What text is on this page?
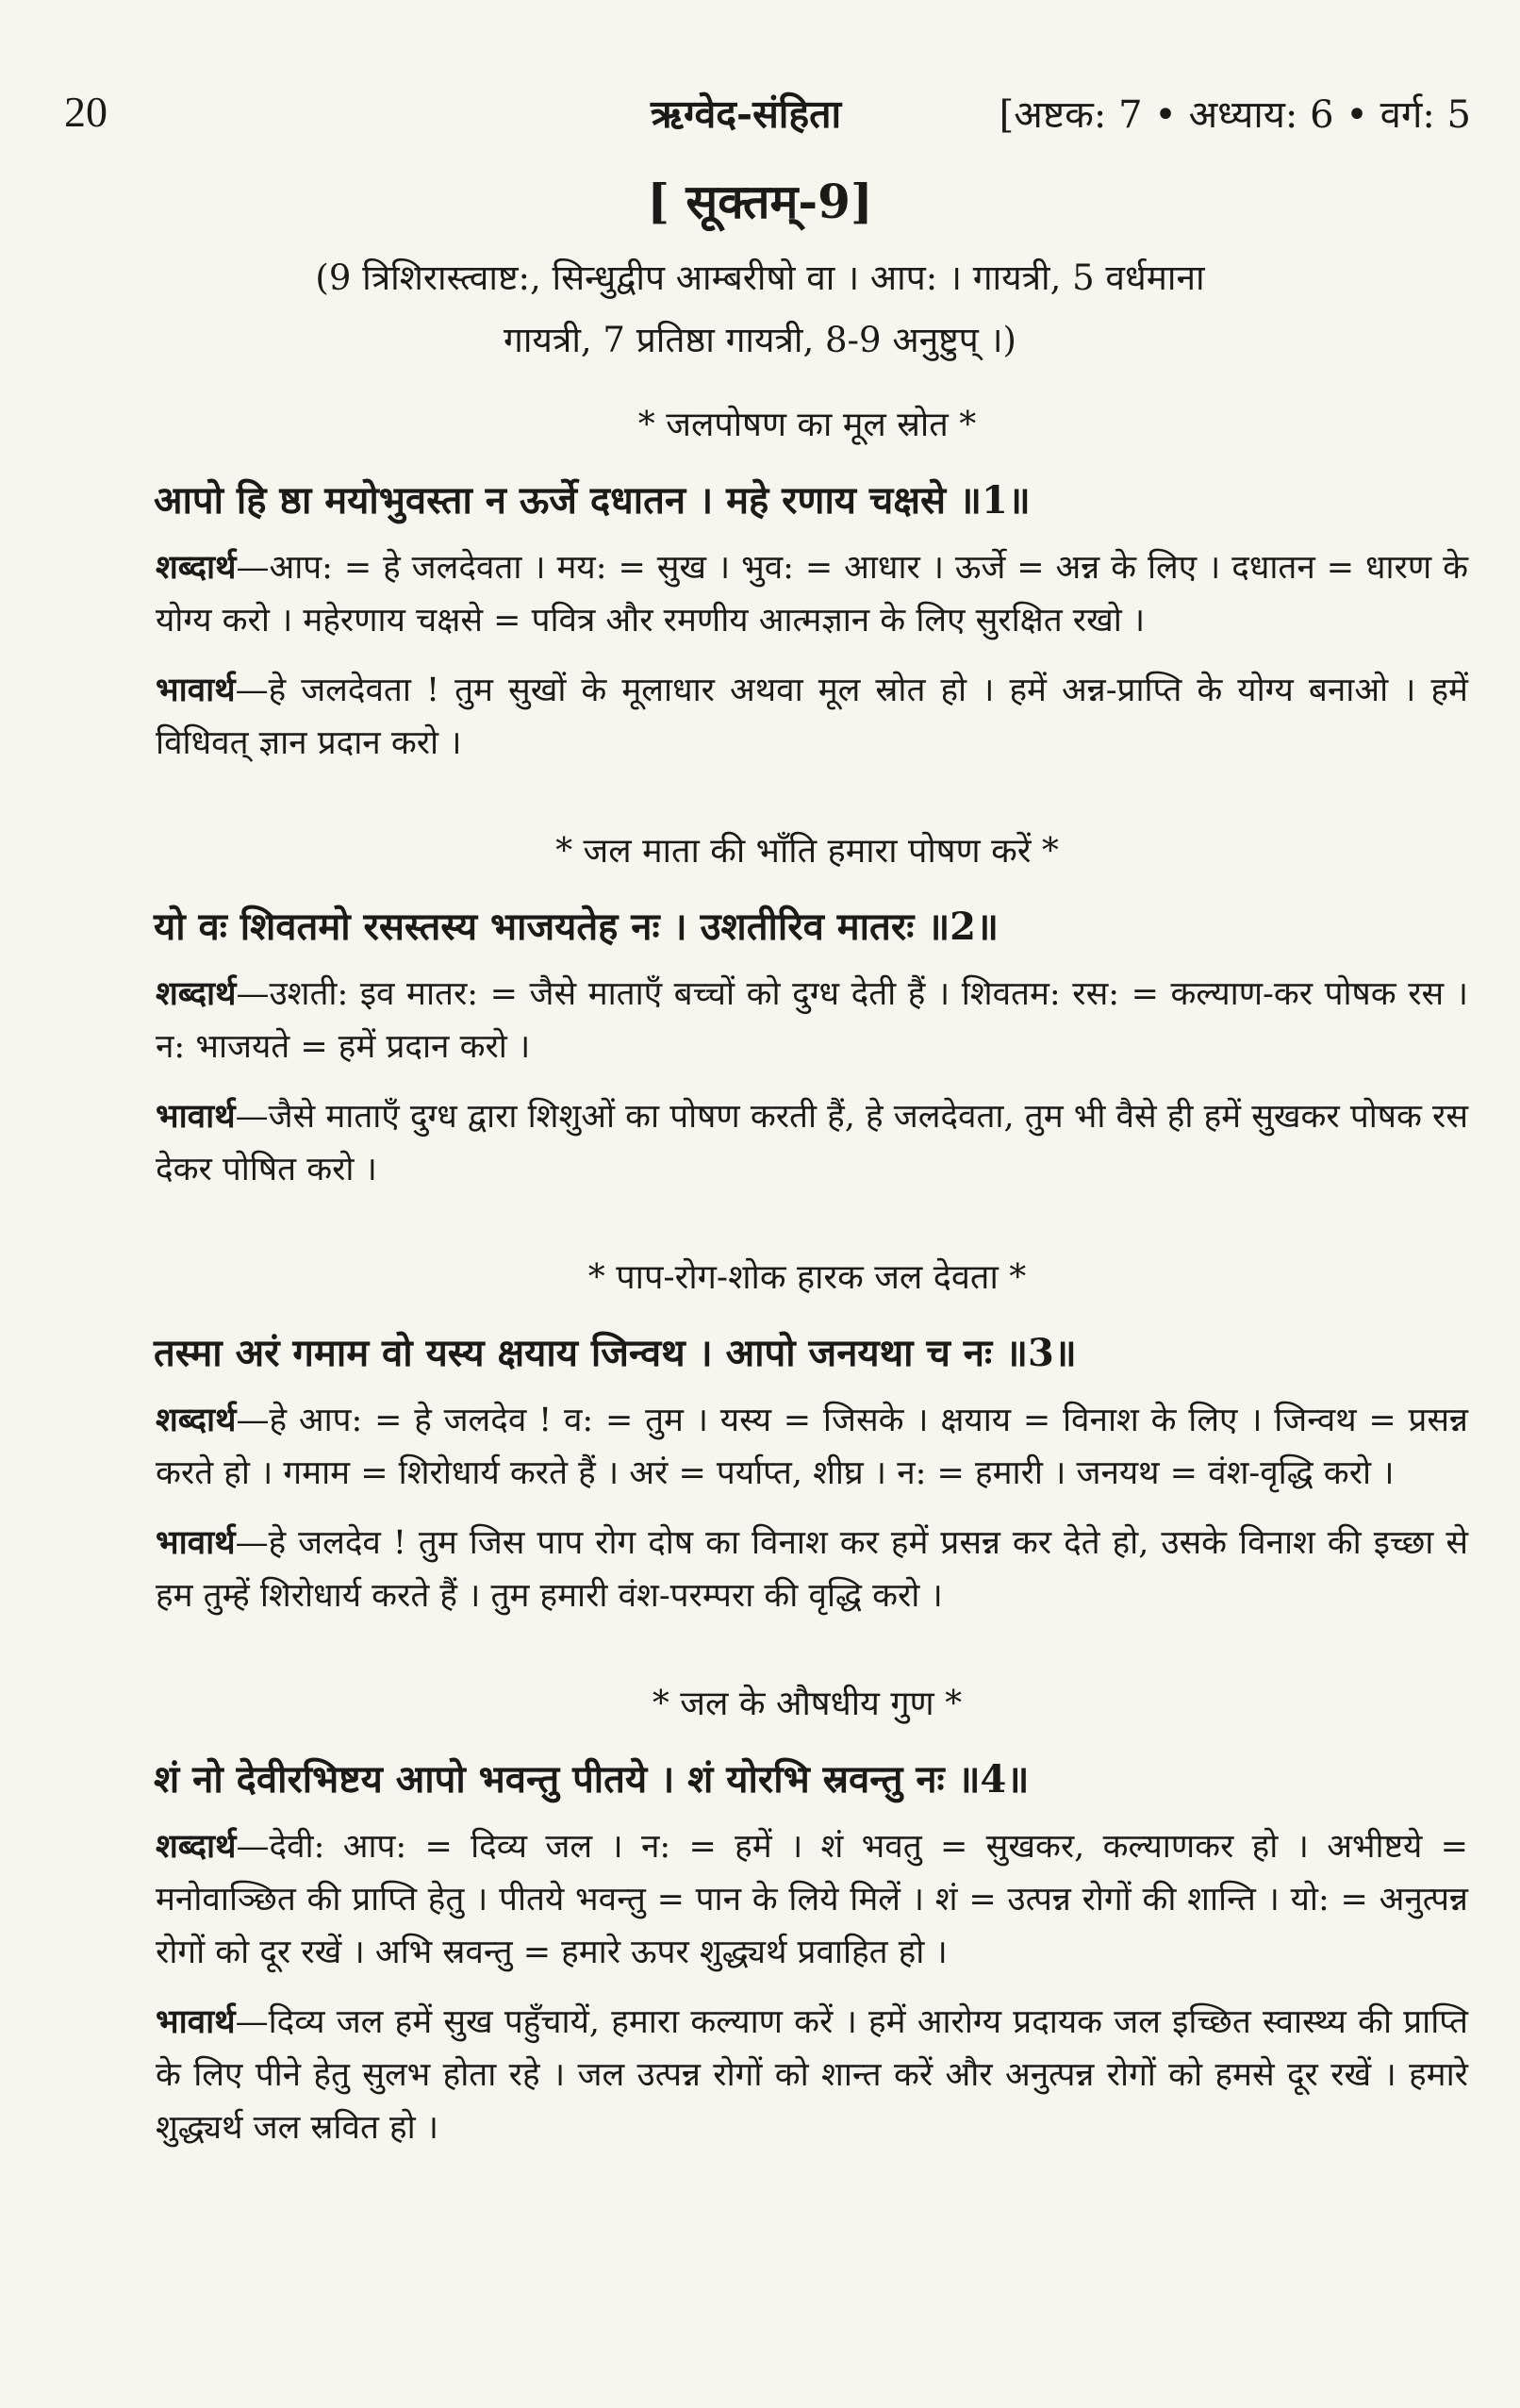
20	ऋग्वेद-संहिता	[अष्टक: 7 • अध्याय: 6 • वर्ग: 5
[ सूक्तम्-9]
(9 त्रिशिरास्त्वाष्ट:, सिन्धुद्वीप आम्बरीषो वा । आप: । गायत्री, 5 वर्धमाना
गायत्री, 7 प्रतिष्ठा गायत्री, 8-9 अनुष्टुप् ।)
* जलपोषण का मूल स्रोत *
आपो हि ष्ठा मयोभुवस्ता न ऊर्जे दधातन । महे रणाय चक्षसे ॥1॥

शब्दार्थ—आप: = हे जलदेवता । मय: = सुख । भुव: = आधार । ऊर्जे = अन्न के लिए । दधातन = धारण के योग्य करो । महेरणाय चक्षसे = पवित्र और रमणीय आत्मज्ञान के लिए सुरक्षित रखो ।

भावार्थ—हे जलदेवता ! तुम सुखों के मूलाधार अथवा मूल स्रोत हो । हमें अन्न-प्राप्ति के योग्य बनाओ । हमें विधिवत् ज्ञान प्रदान करो ।

* जल माता की भाँति हमारा पोषण करें *
यो वः शिवतमो रसस्तस्य भाजयतेह नः । उशतीरिव मातरः ॥2॥

शब्दार्थ—उशती: इव मातर: = जैसे माताएँ बच्चों को दुग्ध देती हैं । शिवतम: रस: = कल्याण-कर पोषक रस । न: भाजयते = हमें प्रदान करो ।

भावार्थ—जैसे माताएँ दुग्ध द्वारा शिशुओं का पोषण करती हैं, हे जलदेवता, तुम भी वैसे ही हमें सुखकर पोषक रस देकर पोषित करो ।

* पाप-रोग-शोक हारक जल देवता *
तस्मा अरं गमाम वो यस्य क्षयाय जिन्वथ । आपो जनयथा च नः ॥3॥

शब्दार्थ—हे आप: = हे जलदेव ! व: = तुम । यस्य = जिसके । क्षयाय = विनाश के लिए । जिन्वथ = प्रसन्न करते हो । गमाम = शिरोधार्य करते हैं । अरं = पर्याप्त, शीघ्र । न: = हमारी । जनयथ = वंश-वृद्धि करो ।

भावार्थ—हे जलदेव ! तुम जिस पाप रोग दोष का विनाश कर हमें प्रसन्न कर देते हो, उसके विनाश की इच्छा से हम तुम्हें शिरोधार्य करते हैं । तुम हमारी वंश-परम्परा की वृद्धि करो ।

* जल के औषधीय गुण *
शं नो देवीरभिष्टय आपो भवन्तु पीतये । शं योरभि स्रवन्तु नः ॥4॥

शब्दार्थ—देवी: आप: = दिव्य जल । न: = हमें । शं भवतु = सुखकर, कल्याणकर हो । अभीष्टये = मनोवाञ्छित की प्राप्ति हेतु । पीतये भवन्तु = पान के लिये मिलें । शं = उत्पन्न रोगों की शान्ति । यो: = अनुत्पन्न रोगों को दूर रखें । अभि स्रवन्तु = हमारे ऊपर शुद्ध्यर्थ प्रवाहित हो ।

भावार्थ—दिव्य जल हमें सुख पहुँचायें, हमारा कल्याण करें । हमें आरोग्य प्रदायक जल इच्छित स्वास्थ्य की प्राप्ति के लिए पीने हेतु सुलभ होता रहे । जल उत्पन्न रोगों को शान्त करें और अनुत्पन्न रोगों को हमसे दूर रखें । हमारे शुद्ध्यर्थ जल स्रवित हो ।
